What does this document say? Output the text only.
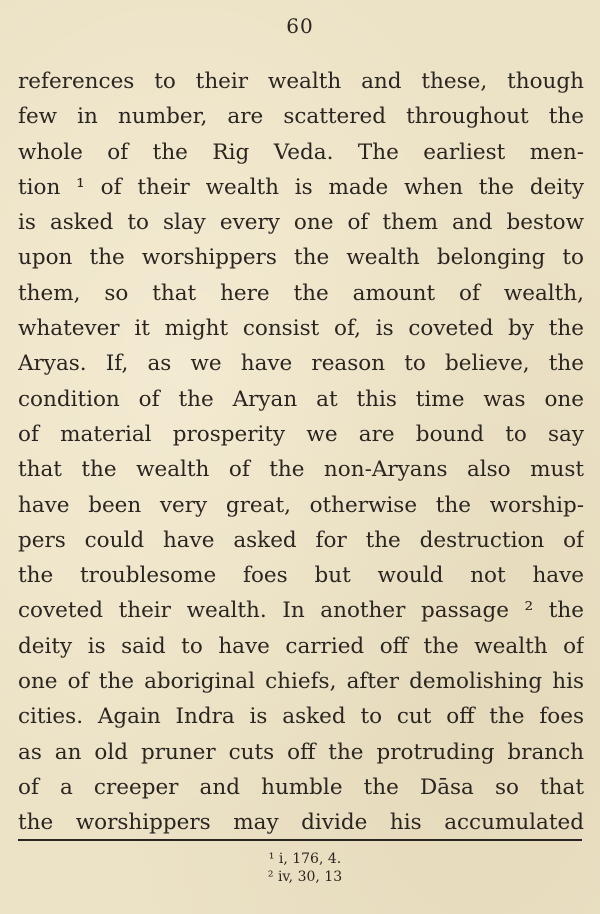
60
references to their wealth and these, though
few in number, are scattered throughout the
whole of the Rig Veda. The earliest men-
tion ¹ of their wealth is made when the deity
is asked to slay every one of them and bestow
upon the worshippers the wealth belonging to
them, so that here the amount of wealth,
whatever it might consist of, is coveted by the
Aryas. If, as we have reason to believe, the
condition of the Aryan at this time was one
of material prosperity we are bound to say
that the wealth of the non-Aryans also must
have been very great, otherwise the worship-
pers could have asked for the destruction of
the troublesome foes but would not have
coveted their wealth. In another passage ² the
deity is said to have carried off the wealth of
one of the aboriginal chiefs, after demolishing his
cities. Again Indra is asked to cut off the foes
as an old pruner cuts off the protruding branch
of a creeper and humble the Dāsa so that
the worshippers may divide his accumulated
¹ i, 176, 4.
² iv, 30, 13
